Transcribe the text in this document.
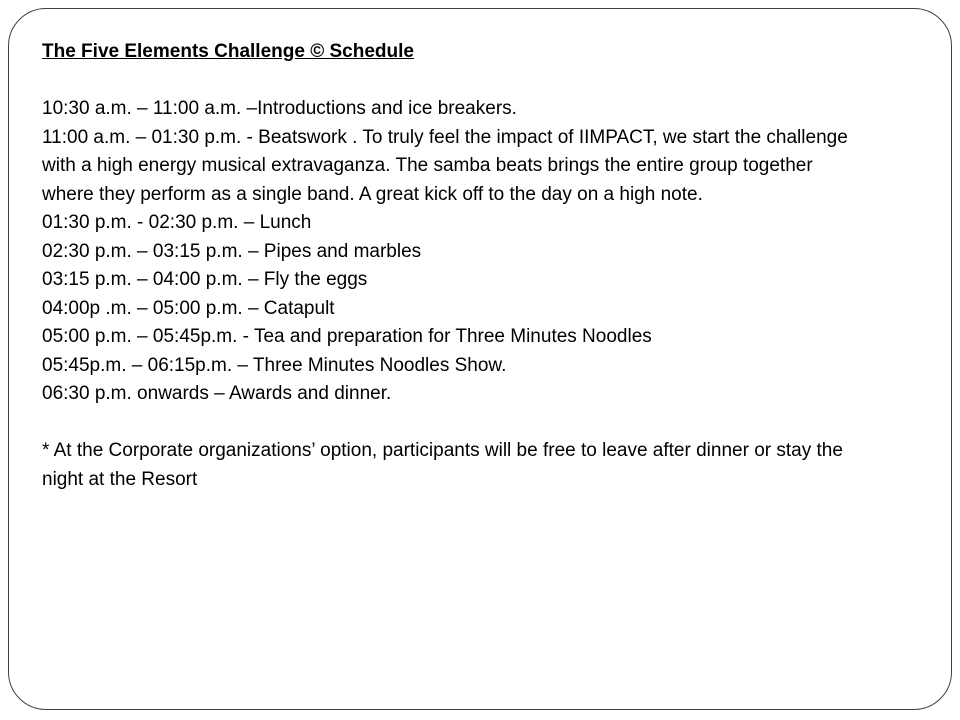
The Five Elements Challenge © Schedule

10:30 a.m. – 11:00 a.m. –Introductions and ice breakers.

11:00 a.m. – 01:30 p.m. - Beatswork . To truly feel the impact of IIMPACT, we start the challenge with a high energy musical extravaganza. The samba beats brings the entire group together where they perform as a single band. A great kick off to the day on a high note.

01:30 p.m. - 02:30 p.m. – Lunch

02:30 p.m. – 03:15 p.m. – Pipes and marbles

03:15 p.m. – 04:00 p.m. – Fly the eggs

04:00p .m. – 05:00 p.m. – Catapult

05:00 p.m. – 05:45p.m. - Tea and preparation for Three Minutes Noodles

05:45p.m. – 06:15p.m. – Three Minutes Noodles Show.

06:30 p.m. onwards – Awards and dinner.

* At the Corporate organizations’ option, participants will be free to leave after dinner or stay the night at the Resort
